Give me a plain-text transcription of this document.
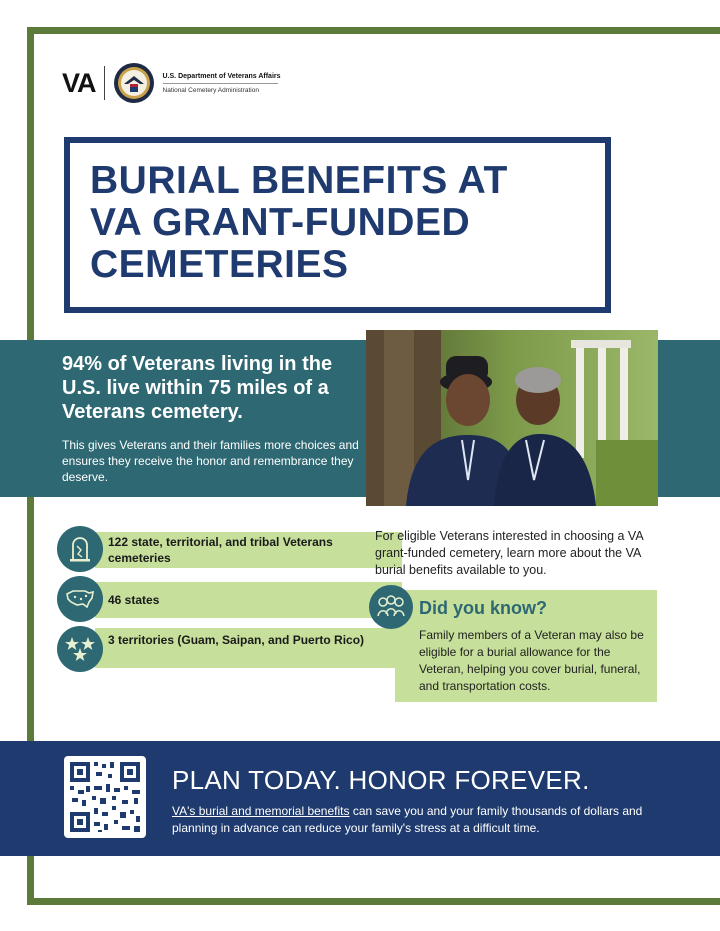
VA	U.S. Department of Veterans Affairs
National Cemetery Administration
BURIAL BENEFITS AT
VA GRANT-FUNDED
CEMETERIES
94% of Veterans living in the U.S. live within 75 miles of a Veterans cemetery.
This gives Veterans and their families more choices and ensures they receive the honor and remembrance they deserve.
122 state, territorial, and tribal Veterans cemeteries
46 states
3 territories (Guam, Saipan, and Puerto Rico)
For eligible Veterans interested in choosing a VA grant-funded cemetery, learn more about the VA burial benefits available to you.
Did you know?
Family members of a Veteran may also be eligible for a burial allowance for the Veteran, helping you cover burial, funeral, and transportation costs.
PLAN TODAY. HONOR FOREVER.
VA's burial and memorial benefits can save you and your family thousands of dollars and planning in advance can reduce your family's stress at a difficult time.
